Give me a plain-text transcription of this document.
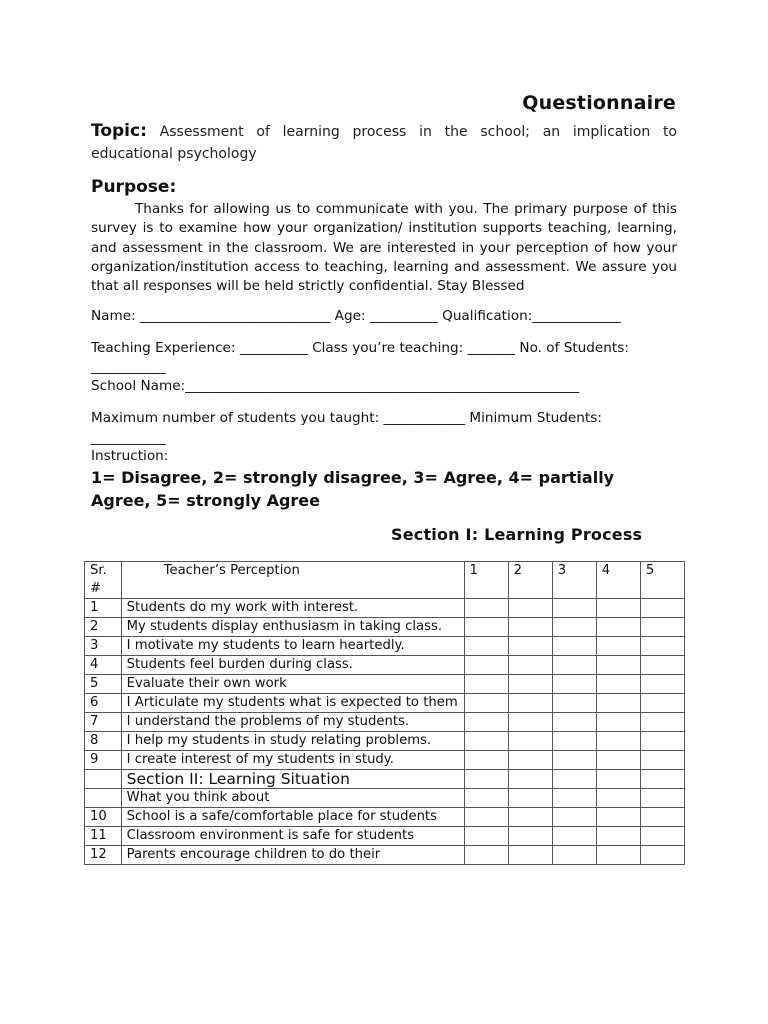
Questionnaire
Topic: Assessment of learning process in the school; an implication to educational psychology
Purpose:
Thanks for allowing us to communicate with you. The primary purpose of this survey is to examine how your organization/ institution supports teaching, learning, and assessment in the classroom. We are interested in your perception of how your organization/institution access to teaching, learning and assessment. We assure you that all responses will be held strictly confidential. Stay Blessed
Name: ____________________________ Age: __________ Qualification:_____________
Teaching Experience: __________ Class you’re teaching: _______ No. of Students:
___________
School Name:__________________________________________________________
Maximum number of students you taught: ____________ Minimum Students:
___________
Instruction:
1= Disagree, 2= strongly disagree, 3= Agree, 4= partially Agree, 5= strongly Agree
Section I: Learning Process
Sr. #	Teacher’s Perception	1	2	3	4	5
1	Students do my work with interest.					
2	My students display enthusiasm in taking class.					
3	I motivate my students to learn heartedly.					
4	Students feel burden during class.					
5	Evaluate their own work					
6	I Articulate my students what is expected to them					
7	I understand the problems of my students.					
8	I help my students in study relating problems.					
9	I create interest of my students in study.					
	Section II: Learning Situation					
	What you think about					
10	School is a safe/comfortable place for students					
11	Classroom environment is safe for students					
12	Parents encourage children to do their					
